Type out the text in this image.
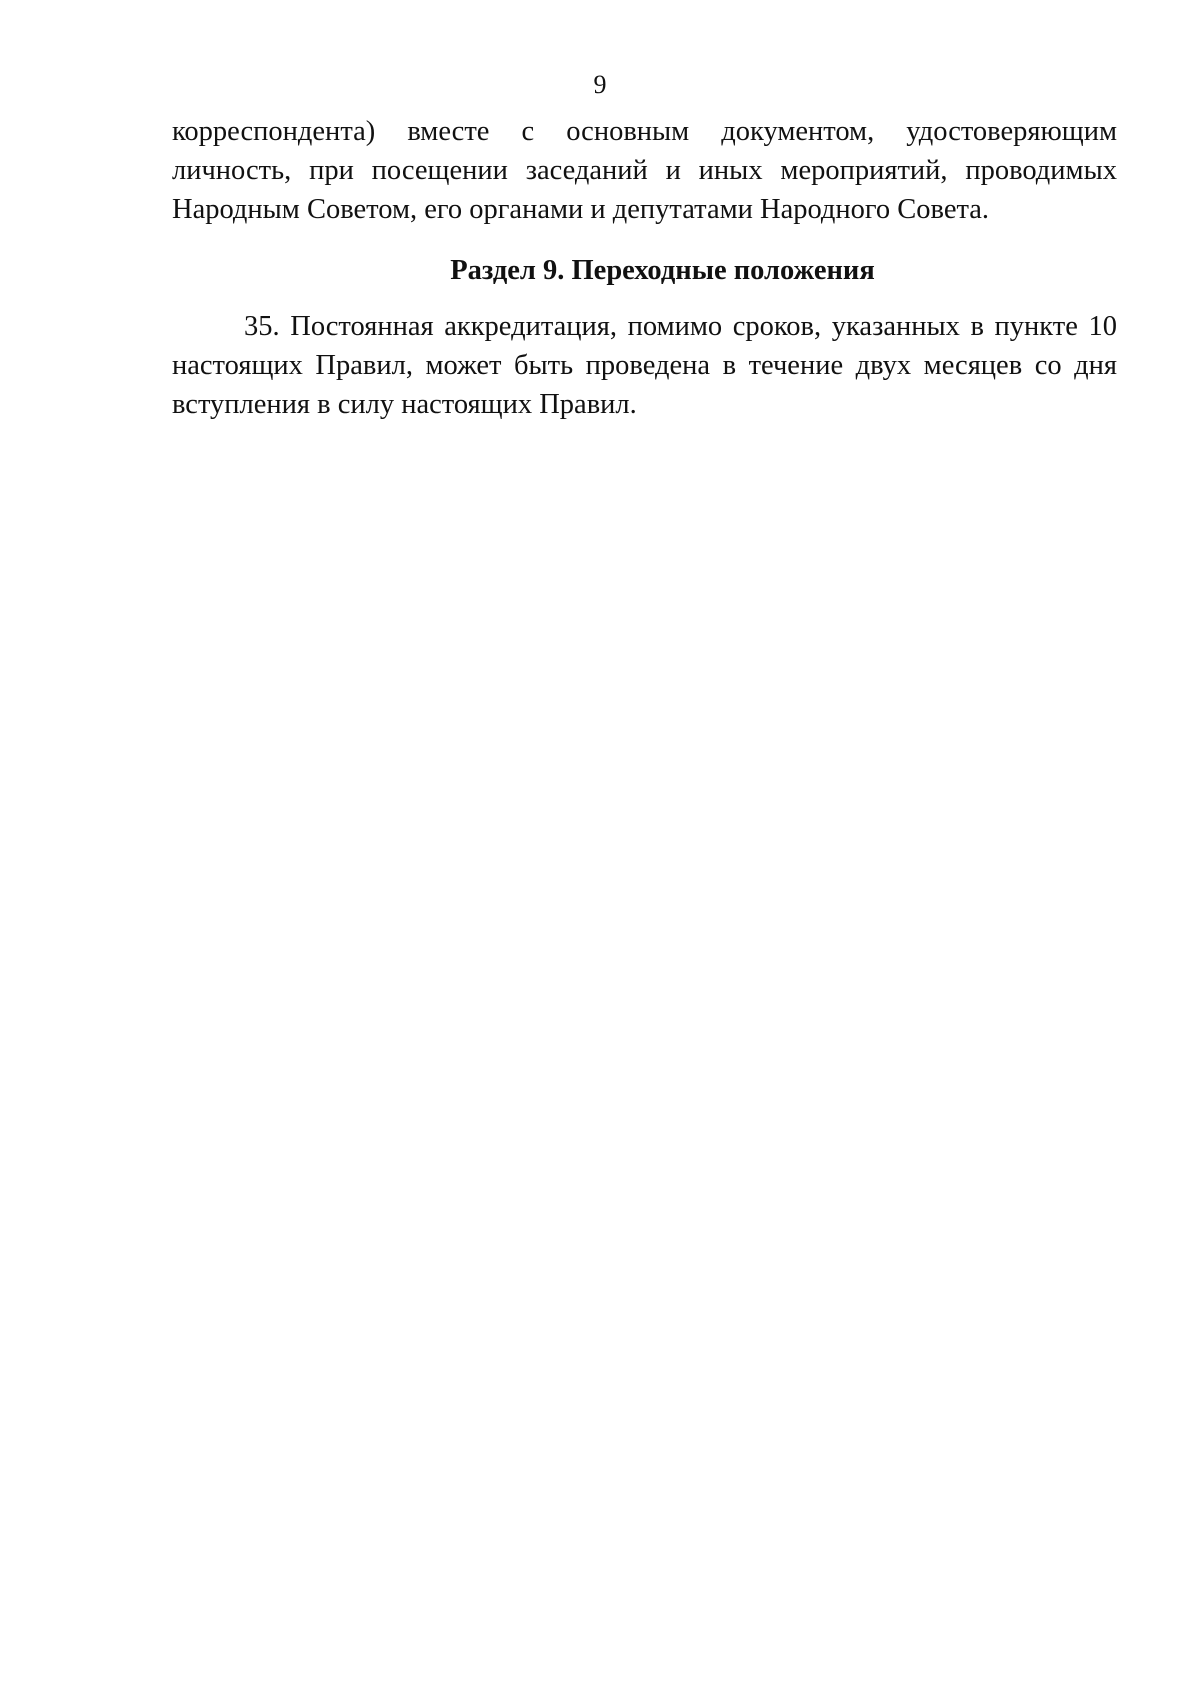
9

корреспондента) вместе с основным документом, удостоверяющим личность, при посещении заседаний и иных мероприятий, проводимых Народным Советом, его органами и депутатами Народного Совета.

Раздел 9. Переходные положения

35. Постоянная аккредитация, помимо сроков, указанных в пункте 10 настоящих Правил, может быть проведена в течение двух месяцев со дня вступления в силу настоящих Правил.
